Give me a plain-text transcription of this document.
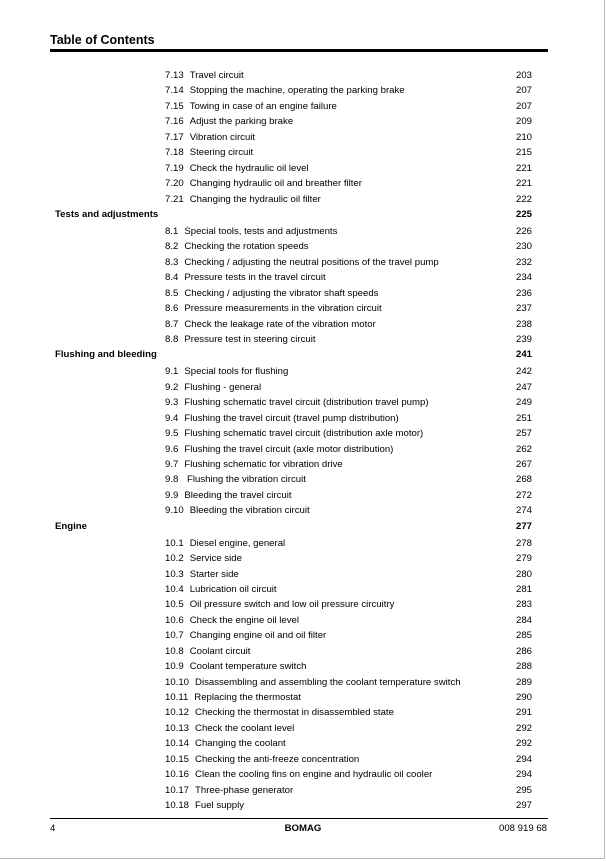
Table of Contents
7.13 Travel circuit	203
7.14 Stopping the machine, operating the parking brake	207
7.15 Towing in case of an engine failure	207
7.16 Adjust the parking brake	209
7.17 Vibration circuit	210
7.18 Steering circuit	215
7.19 Check the hydraulic oil level	221
7.20 Changing hydraulic oil and breather filter	221
7.21 Changing the hydraulic oil filter	222
Tests and adjustments	225
8.1 Special tools, tests and adjustments	226
8.2 Checking the rotation speeds	230
8.3 Checking / adjusting the neutral positions of the travel pump	232
8.4 Pressure tests in the travel circuit	234
8.5 Checking / adjusting the vibrator shaft speeds	236
8.6 Pressure measurements in the vibration circuit	237
8.7 Check the leakage rate of the vibration motor	238
8.8 Pressure test in steering circuit	239
Flushing and bleeding	241
9.1 Special tools for flushing	242
9.2 Flushing - general	247
9.3 Flushing schematic travel circuit (distribution travel pump)	249
9.4 Flushing the travel circuit (travel pump distribution)	251
9.5 Flushing schematic travel circuit (distribution axle motor)	257
9.6 Flushing the travel circuit (axle motor distribution)	262
9.7 Flushing schematic for vibration drive	267
9.8 Flushing the vibration circuit	268
9.9 Bleeding the travel circuit	272
9.10 Bleeding the vibration circuit	274
Engine	277
10.1 Diesel engine, general	278
10.2 Service side	279
10.3 Starter side	280
10.4 Lubrication oil circuit	281
10.5 Oil pressure switch and low oil pressure circuitry	283
10.6 Check the engine oil level	284
10.7 Changing engine oil and oil filter	285
10.8 Coolant circuit	286
10.9 Coolant temperature switch	288
10.10 Disassembling and assembling the coolant temperature switch	289
10.11 Replacing the thermostat	290
10.12 Checking the thermostat in disassembled state	291
10.13 Check the coolant level	292
10.14 Changing the coolant	292
10.15 Checking the anti-freeze concentration	294
10.16 Clean the cooling fins on engine and hydraulic oil cooler	294
10.17 Three-phase generator	295
10.18 Fuel supply	297
4	BOMAG	008 919 68
